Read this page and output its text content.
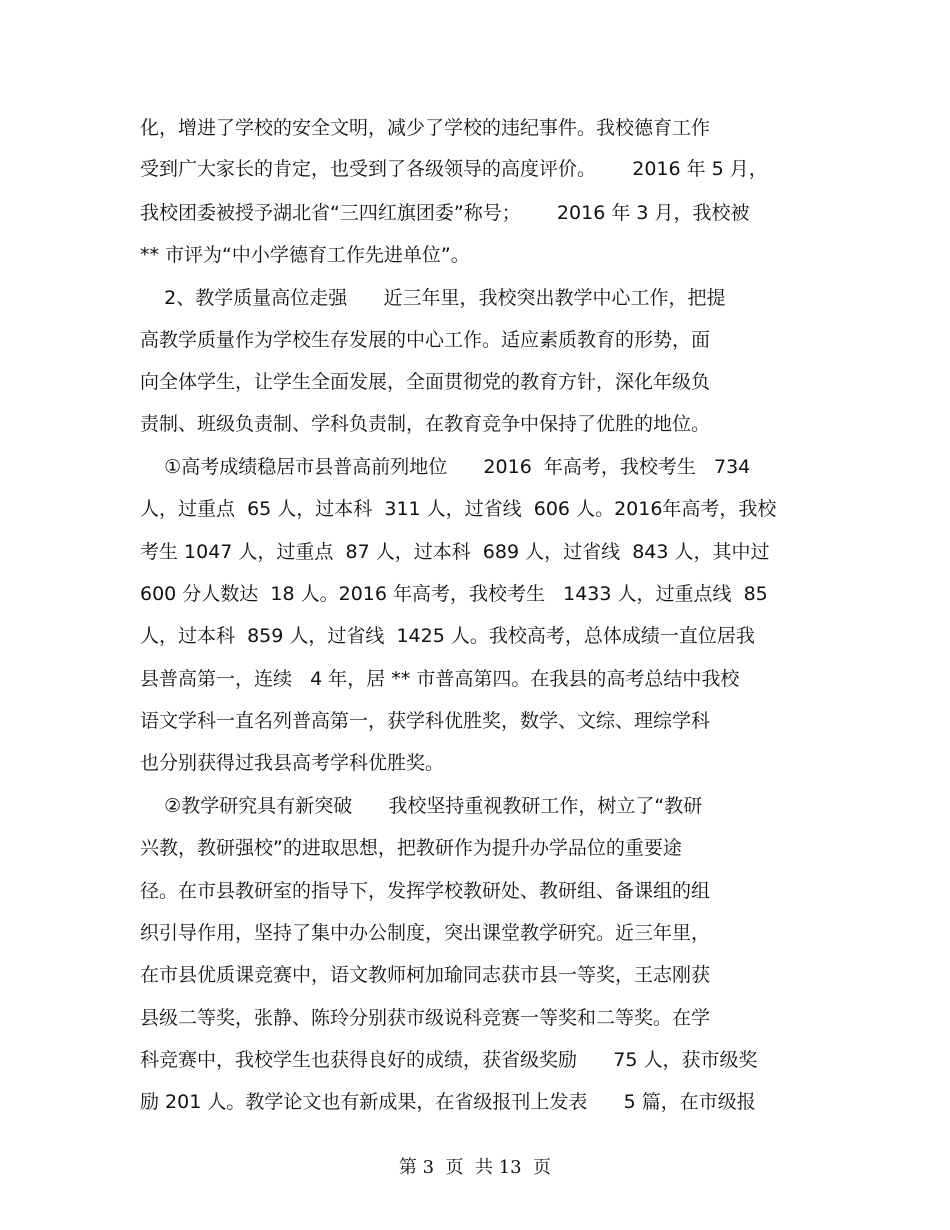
化，增进了学校的安全文明，减少了学校的违纪事件。我校德育工作
受到广大家长的肯定，也受到了各级领导的高度评价。      2016 年 5 月，
我校团委被授予湖北省“三四红旗团委”称号；      2016 年 3 月，我校被
** 市评为“中小学德育工作先进单位”。
2、教学质量高位走强      近三年里，我校突出教学中心工作，把提
高教学质量作为学校生存发展的中心工作。适应素质教育的形势，面
向全体学生，让学生全面发展，全面贯彻党的教育方针，深化年级负
责制、班级负责制、学科负责制，在教育竞争中保持了优胜的地位。
①高考成绩稳居市县普高前列地位      2016  年高考，我校考生   734
人，过重点  65 人，过本科  311 人，过省线  606 人。2016年高考，我校
考生 1047 人，过重点  87 人，过本科  689 人，过省线  843 人，其中过
600 分人数达  18 人。2016 年高考，我校考生   1433 人，过重点线  85
人，过本科  859 人，过省线  1425 人。我校高考，总体成绩一直位居我
县普高第一，连续   4 年，居 ** 市普高第四。在我县的高考总结中我校
语文学科一直名列普高第一，获学科优胜奖，数学、文综、理综学科
也分别获得过我县高考学科优胜奖。
②教学研究具有新突破      我校坚持重视教研工作，树立了“教研
兴教，教研强校”的进取思想，把教研作为提升办学品位的重要途
径。在市县教研室的指导下，发挥学校教研处、教研组、备课组的组
织引导作用，坚持了集中办公制度，突出课堂教学研究。近三年里，
在市县优质课竞赛中，语文教师柯加瑜同志获市县一等奖，王志刚获
县级二等奖，张静、陈玲分别获市级说科竞赛一等奖和二等奖。在学
科竞赛中，我校学生也获得良好的成绩，获省级奖励      75 人，获市级奖
励 201 人。教学论文也有新成果，在省级报刊上发表      5 篇，在市级报
第 3  页  共 13  页
